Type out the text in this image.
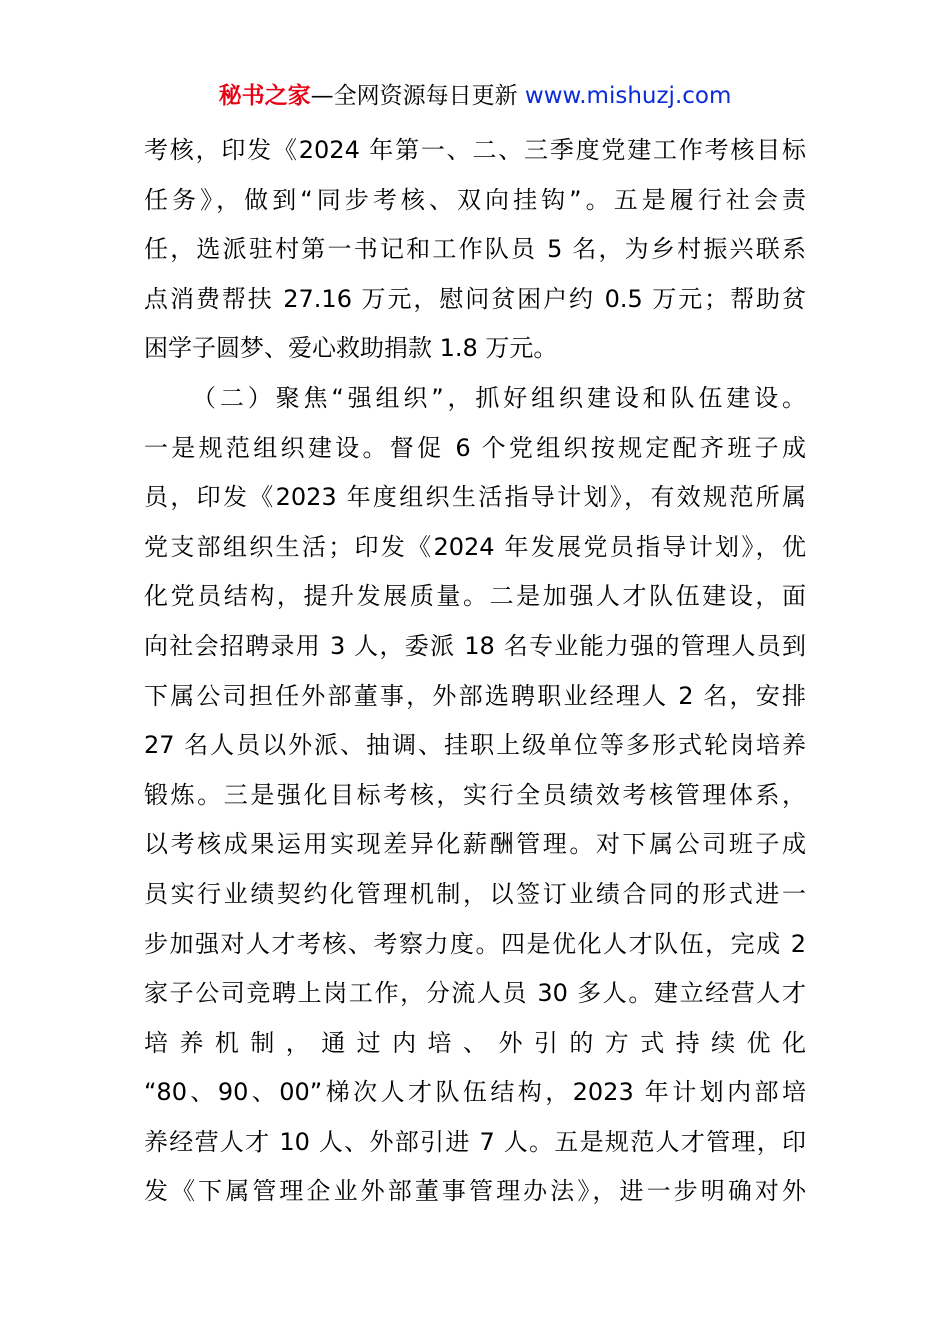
秘书之家—全网资源每日更新 www.mishuzj.com
考核，印发《2024 年第一、二、三季度党建工作考核目标
任务》，做到“同步考核、双向挂钩”。五是履行社会责
任，选派驻村第一书记和工作队员 5 名，为乡村振兴联系
点消费帮扶 27.16 万元，慰问贫困户约 0.5 万元；帮助贫
困学子圆梦、爱心救助捐款 1.8 万元。
（二）聚焦“强组织”，抓好组织建设和队伍建设。
一是规范组织建设。督促 6 个党组织按规定配齐班子成
员，印发《2023 年度组织生活指导计划》，有效规范所属
党支部组织生活；印发《2024 年发展党员指导计划》，优
化党员结构，提升发展质量。二是加强人才队伍建设，面
向社会招聘录用 3 人，委派 18 名专业能力强的管理人员到
下属公司担任外部董事，外部选聘职业经理人 2 名，安排
27 名人员以外派、抽调、挂职上级单位等多形式轮岗培养
锻炼。三是强化目标考核，实行全员绩效考核管理体系，
以考核成果运用实现差异化薪酬管理。对下属公司班子成
员实行业绩契约化管理机制，以签订业绩合同的形式进一
步加强对人才考核、考察力度。四是优化人才队伍，完成 2
家子公司竞聘上岗工作，分流人员 30 多人。建立经营人才
培 养 机 制 ， 通 过 内 培 、 外 引 的 方 式 持 续 优 化
“80、90、00”梯次人才队伍结构，2023 年计划内部培
养经营人才 10 人、外部引进 7 人。五是规范人才管理，印
发《下属管理企业外部董事管理办法》，进一步明确对外
